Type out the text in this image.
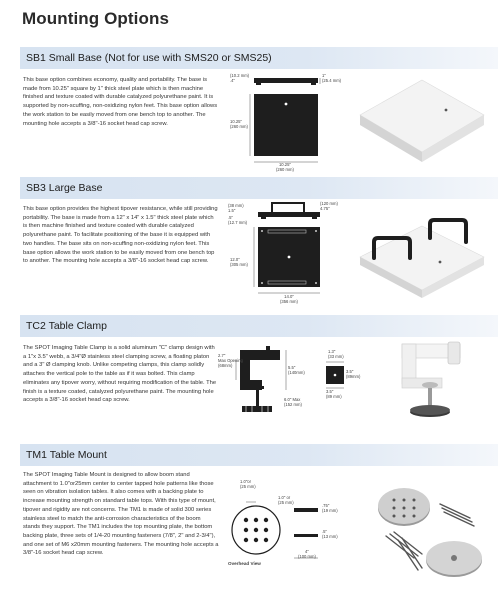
Mounting Options
SB1 Small Base (Not for use with SMS20 or SMS25)

This base option combines economy, quality and portability. The base is made from 10.25" square by 1" thick steel plate which is then machine finished and texture coated with durable catalyzed polyurethane paint. It is supported by non-scuffing, non-oxidizing nylon feet. This base option allows the work station to be easily moved from one bench top to another. The mounting hole accepts a 3/8"-16 socket head cap screw.

(10.2 mm)
.4"
1"
(25.4 mm)
10.25"
(260 mm)
10.25"
(260 mm)
SB3 Large Base

This base option provides the highest tipover resistance, while still providing portability. The base is made from a 12" x 14" x 1.5" thick steel plate which is then machine finished and texture coated with durable catalyzed polyurethane paint. To facilitate positioning of the base it is equipped with two handles. The base sits on non-scuffing non-oxidizing nylon feet. This base option allows the work station to be easily moved from one bench top to another. The mounting hole accepts a 3/8"-16 socket head cap screw.

(38 mm)
1.5"
.5"
(12.7 mm)
(120 mm)
4.75"
12.0"
(305 mm)
14.0"
(356 mm)
TC2 Table Clamp

The SPOT Imaging Table Clamp is a solid aluminum "C" clamp design with a 1"x 3.5" webb, a 3/4"Ø stainless steel clamping screw, a floating platon and a 3" Ø clamping knob. Unlike competing clamps, this clamp solidly attaches the vertical pole to the table as if it was bolted. This clamp eliminates any tipover worry, without requiring modification of the table. The finish is a texture coated, catalyzed polyurethane paint. The mounting hole accepts a 3/8"-16 socket head cap screw.

2.7"
Max Opening
(68mm)	5.5"
(140mm)
6.0" Max
(152 mm)
1.3"
(33 mm)
3.5"
(89mm)
3.5"
(89 mm)
TM1 Table Mount

The SPOT Imaging Table Mount is designed to allow boom stand attachment to 1.0"or25mm center to center tapped hole patterns like those seen on vibration isolation tables. It also comes with a backing plate to increase mounting strength on standard table tops. With this type of mount, tipover and rigidity are not concerns. The TM1 is made of solid 300 series stainless steel to match the anti-corrosion characteristics of the boom stands they support. The TM1 includes the top mounting plate, the bottom backing plate, three sets of 1/4-20 mounting fasteners (7/8", 2" and 2-3/4"), and one set of M6 x20mm mounting fasteners. The mounting hole accepts a 3/8"-16 socket head cap screw.

1.0"or
(25 mm)
1.0" or
(25 mm)
.75"
(19 mm)
.5"
(13 mm)
4"
(100 mm)
Overhead View
